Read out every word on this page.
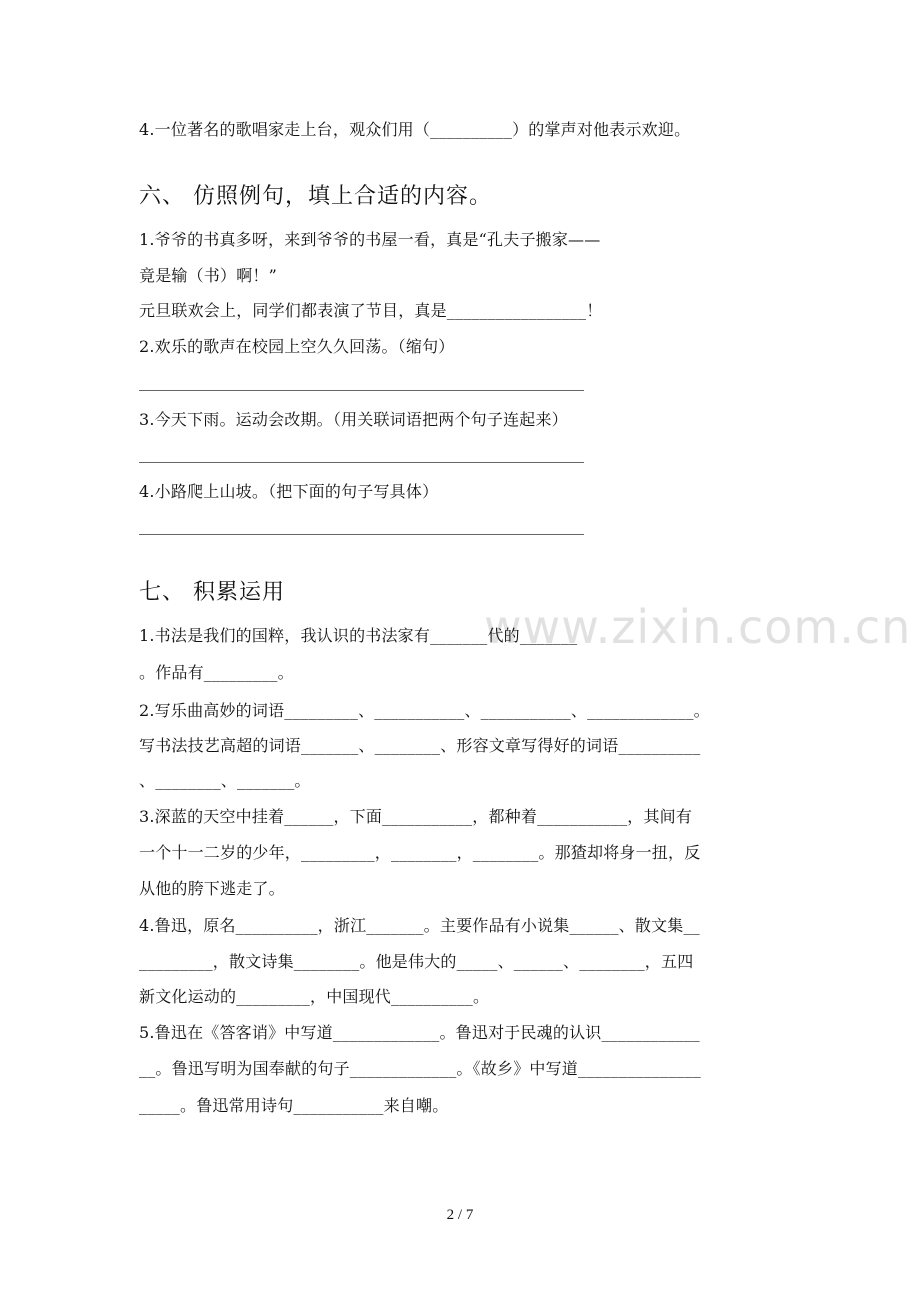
www.zixin.com.cn
4.一位著名的歌唱家走上台，观众们用（__________）的掌声对他表示欢迎。
六、 仿照例句，填上合适的内容。
1.爷爷的书真多呀，来到爷爷的书屋一看，真是“孔夫子搬家——
竟是输（书）啊！”
元旦联欢会上，同学们都表演了节目，真是_________________！
2.欢乐的歌声在校园上空久久回荡。（缩句）
3.今天下雨。运动会改期。（用关联词语把两个句子连起来）
4.小路爬上山坡。（把下面的句子写具体）
七、 积累运用
1.书法是我们的国粹，我认识的书法家有_______代的_______
。作品有_________。
2.写乐曲高妙的词语_________、___________、___________、_____________。
写书法技艺高超的词语_______、________、形容文章写得好的词语__________
、________、_______。
3.深蓝的天空中挂着______，下面___________，都种着___________，其间有
一个十一二岁的少年，_________，________，________。那猹却将身一扭，反
从他的胯下逃走了。
4.鲁迅，原名__________，浙江_______。主要作品有小说集______、散文集__
_________，散文诗集________。他是伟大的_____、______、________，五四
新文化运动的_________，中国现代__________。
5.鲁迅在《答客诮》中写道_____________。鲁迅对于民魂的认识____________
__。鲁迅写明为国奉献的句子_____________。《故乡》中写道_______________
_____。鲁迅常用诗句___________来自嘲。
2 / 7
